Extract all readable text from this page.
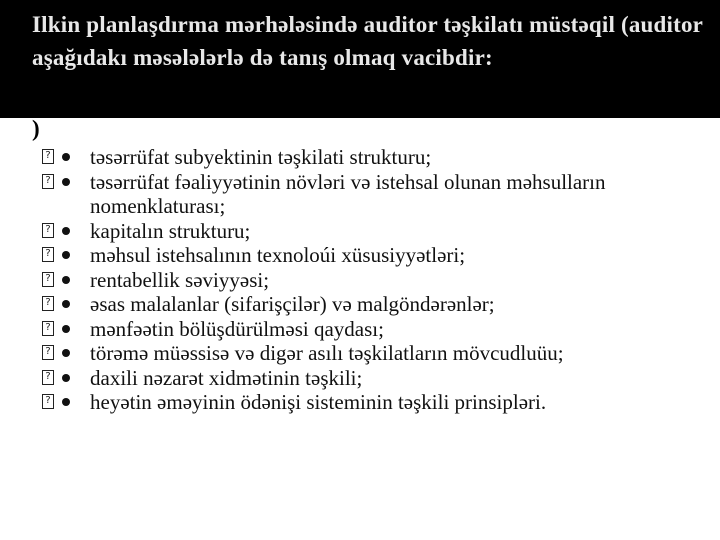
Ilkin planlaşdırma mərhələsində auditor təşkilatı müstəqil (auditor aşağıdakı məsələlərlə də tanış olmaq vacibdir:
)
? təsərrüfat subyektinin təşkilati strukturu;
? təsərrüfat fəaliyyətinin növləri və istehsal olunan məhsulların nomenklaturası;
? kapitalın strukturu;
? məhsul istehsalının texnoloúi xüsusiyyətləri;
? rentabellik səviyyəsi;
? əsas malalanlar (sifarişçilər) və malgöndərənlər;
? mənfəətin bölüşdürülməsi qaydası;
? törəmə müəssisə və digər asılı təşkilatların mövcudluüu;
? daxili nəzarət xidmətinin təşkili;
? heyətin əməyinin ödənişi sisteminin təşkili prinsipləri.
